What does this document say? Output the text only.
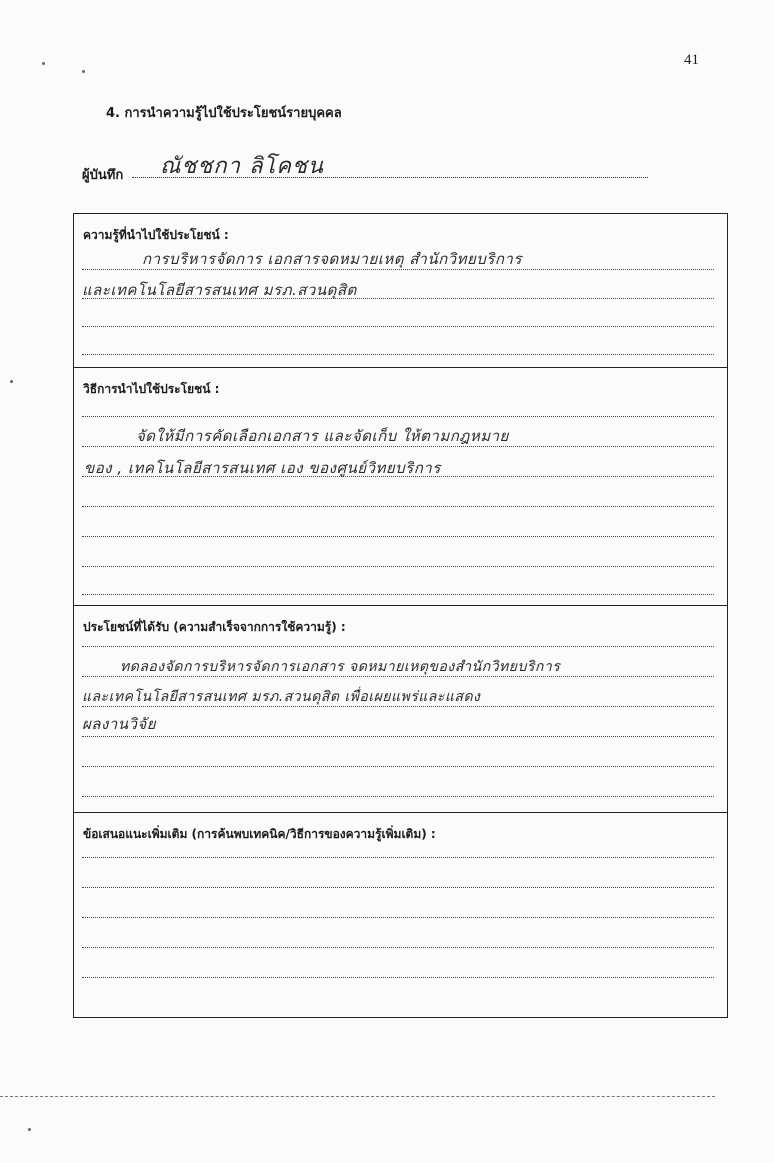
41
4. การนำความรู้ไปใช้ประโยชน์รายบุคคล
ผู้บันทึก ณัชชกา ลิโคชน
ความรู้ที่นำไปใช้ประโยชน์ :
การบริหารจัดการ เอกสารจดหมายเหตุ สำนักวิทยบริการ
และเทคโนโลยีสารสนเทศ มรภ.สวนดุสิต
วิธีการนำไปใช้ประโยชน์ :
จัดให้มีการคัดเลือกเอกสาร และจัดเก็บ ให้ตามกฎหมาย
ของ , เทคโนโลยีสารสนเทศ เอง ของศูนย์วิทยบริการ
ประโยชน์ที่ได้รับ (ความสำเร็จจากการใช้ความรู้) :
ทดลองจัดการบริหารจัดการเอกสาร จดหมายเหตุของสำนักวิทยบริการ
และเทคโนโลยีสารสนเทศ มรภ.สวนดุสิต เพื่อเผยแพร่และแสดง
ผลงานวิจัย
ข้อเสนอแนะเพิ่มเติม (การค้นพบเทคนิค/วิธีการของความรู้เพิ่มเติม) :
